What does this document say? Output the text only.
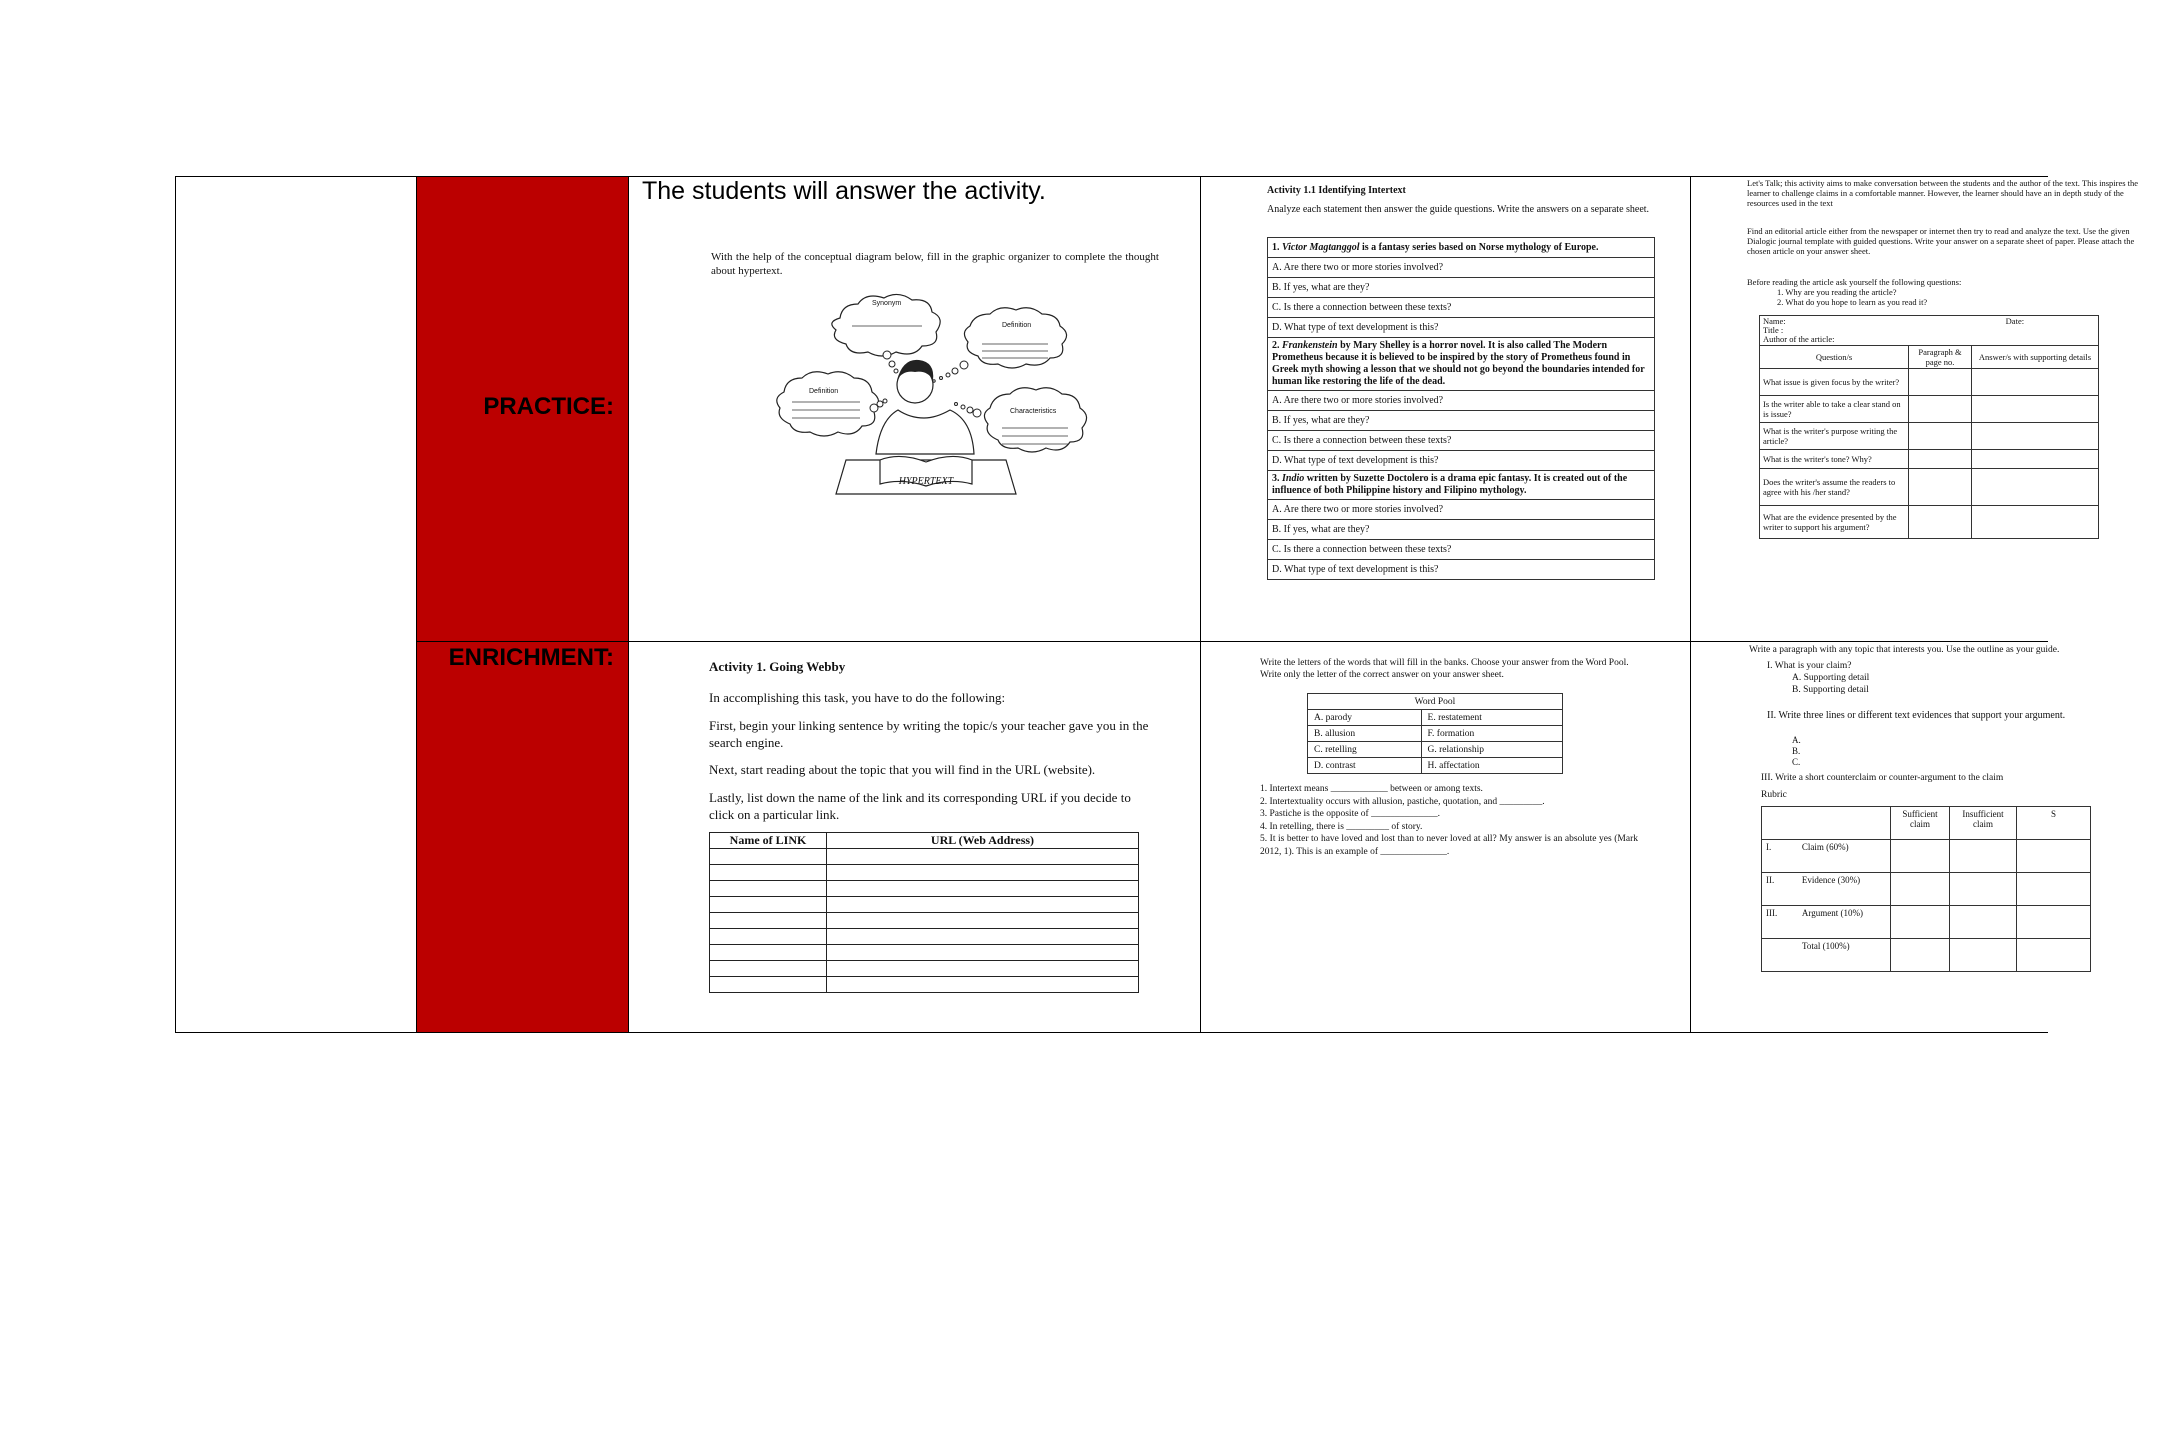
PRACTICE:
ENRICHMENT:
The students will answer the activity.
With the help of the conceptual diagram below, fill in the graphic organizer to complete the thought about hypertext.
HYPERTEXT
Synonym
Definition
Definition
Characteristics
Activity 1.1 Identifying Intertext
Analyze each statement then answer the guide questions. Write the answers on a separate sheet.
1. Victor Magtanggol is a fantasy series based on Norse mythology of Europe.
A. Are there two or more stories involved?
B. If yes, what are they?
C. Is there a connection between these texts?
D. What type of text development is this?
2. Frankenstein by Mary Shelley is a horror novel. It is also called The Modern Prometheus because it is believed to be inspired by the story of Prometheus found in Greek myth showing a lesson that we should not go beyond the boundaries intended for human like restoring the life of the dead.
A. Are there two or more stories involved?
B. If yes, what are they?
C. Is there a connection between these texts?
D. What type of text development is this?
3. Indio written by Suzette Doctolero is a drama epic fantasy. It is created out of the influence of both Philippine history and Filipino mythology.
A. Are there two or more stories involved?
B. If yes, what are they?
C. Is there a connection between these texts?
D. What type of text development is this?
Let's Talk; this activity aims to make conversation between the students and the author of the text. This inspires the learner to challenge claims in a comfortable manner. However, the learner should have an in depth study of the resources used in the text
Find an editorial article either from the newspaper or internet then try to read and analyze the text. Use the given Dialogic journal template with guided questions. Write your answer on a separate sheet of paper. Please attach the chosen article on your answer sheet.
Before reading the article ask yourself the following questions:
1. Why are you reading the article?
2. What do you hope to learn as you read it?
Name: Date:
Title :
Author of the article:		
Question/s	Paragraph & page no.	Answer/s with supporting details
What issue is given focus by the writer?		
Is the writer able to take a clear stand on is issue?		
What is the writer's purpose writing the article?		
What is the writer's tone? Why?		
Does the writer's assume the readers to agree with his /her stand?		
What are the evidence presented by the writer to support his argument?		
Activity 1. Going Webby
In accomplishing this task, you have to do the following:
First, begin your linking sentence by writing the topic/s your teacher gave you in the search engine.
Next, start reading about the topic that you will find in the URL (website).
Lastly, list down the name of the link and its corresponding URL if you decide to click on a particular link.
Name of LINK	URL (Web Address)

Write the letters of the words that will fill in the banks. Choose your answer from the Word Pool. Write only the letter of the correct answer on your answer sheet.
Word Pool	
A. parody	E. restatement
B. allusion	F. formation
C. retelling	G. relationship
D. contrast	H. affectation
1. Intertext means ____________ between or among texts.
2. Intertextuality occurs with allusion, pastiche, quotation, and _________.
3. Pastiche is the opposite of ______________.
4. In retelling, there is _________ of story.
5. It is better to have loved and lost than to never loved at all? My answer is an absolute yes (Mark 2012, 1). This is an example of ______________.
Write a paragraph with any topic that interests you. Use the outline as your guide.
I. What is your claim?
A. Supporting detail
B. Supporting detail
II. Write three lines or different text evidences that support your argument.
A.
B.
C.
III. Write a short counterclaim or counter-argument to the claim
Rubric
		Sufficient claim	Insufficient claim	S
I.	Claim (60%)			
II.	Evidence (30%)			
III.	Argument (10%)			
Total (100%)				
